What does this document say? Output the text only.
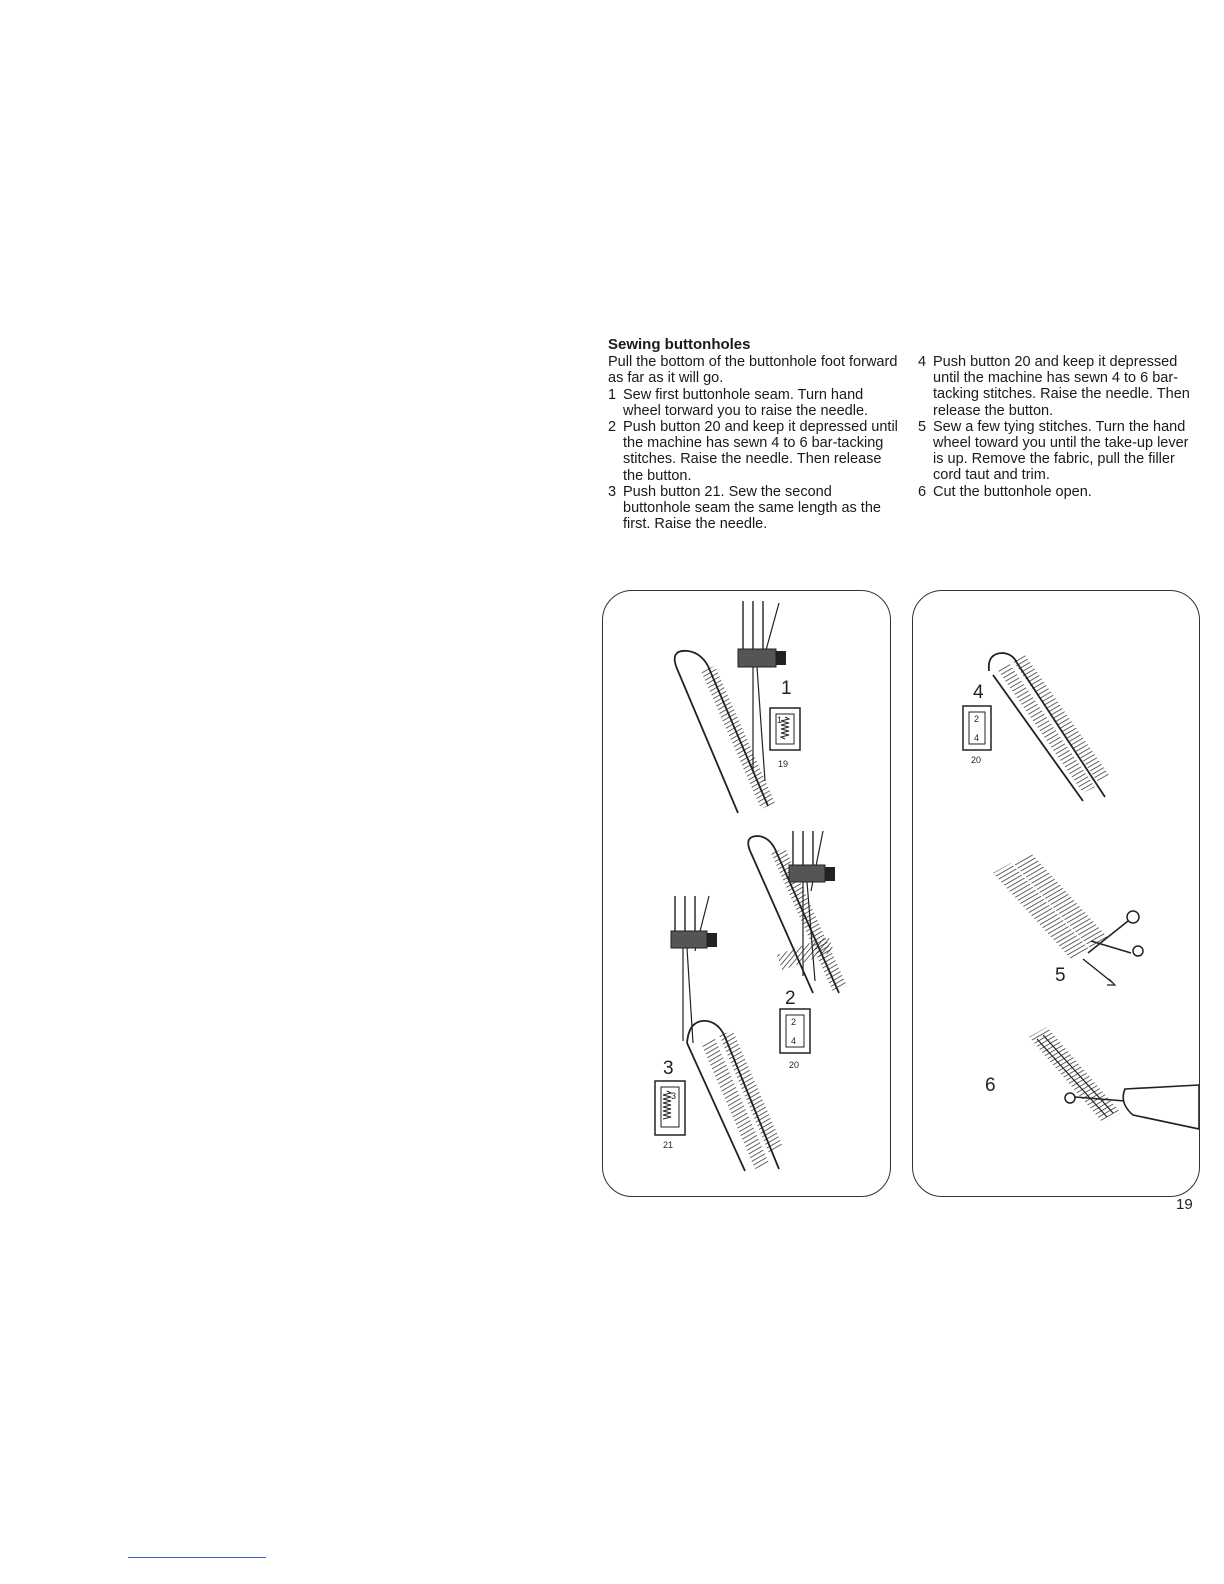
Sewing buttonholes

Pull the bottom of the buttonhole foot forward as far as it will go.

1 Sew first buttonhole seam. Turn hand wheel torward you to raise the needle.
2 Push button 20 and keep it depressed until the machine has sewn 4 to 6 bar-tacking stitches. Raise the needle. Then release the button.
3 Push button 21. Sew the second buttonhole seam the same length as the first. Raise the needle.
4 Push button 20 and keep it depressed until the machine has sewn 4 to 6 bar-tacking stitches. Raise the needle. Then release the button.
5 Sew a few tying stitches. Turn the hand wheel toward you until the take-up lever is up. Remove the fabric, pull the filler cord taut and trim.
6 Cut the buttonhole open.
1
1
19
2
2
4
20
3
3
21
4
2
4
20
5
6
19
